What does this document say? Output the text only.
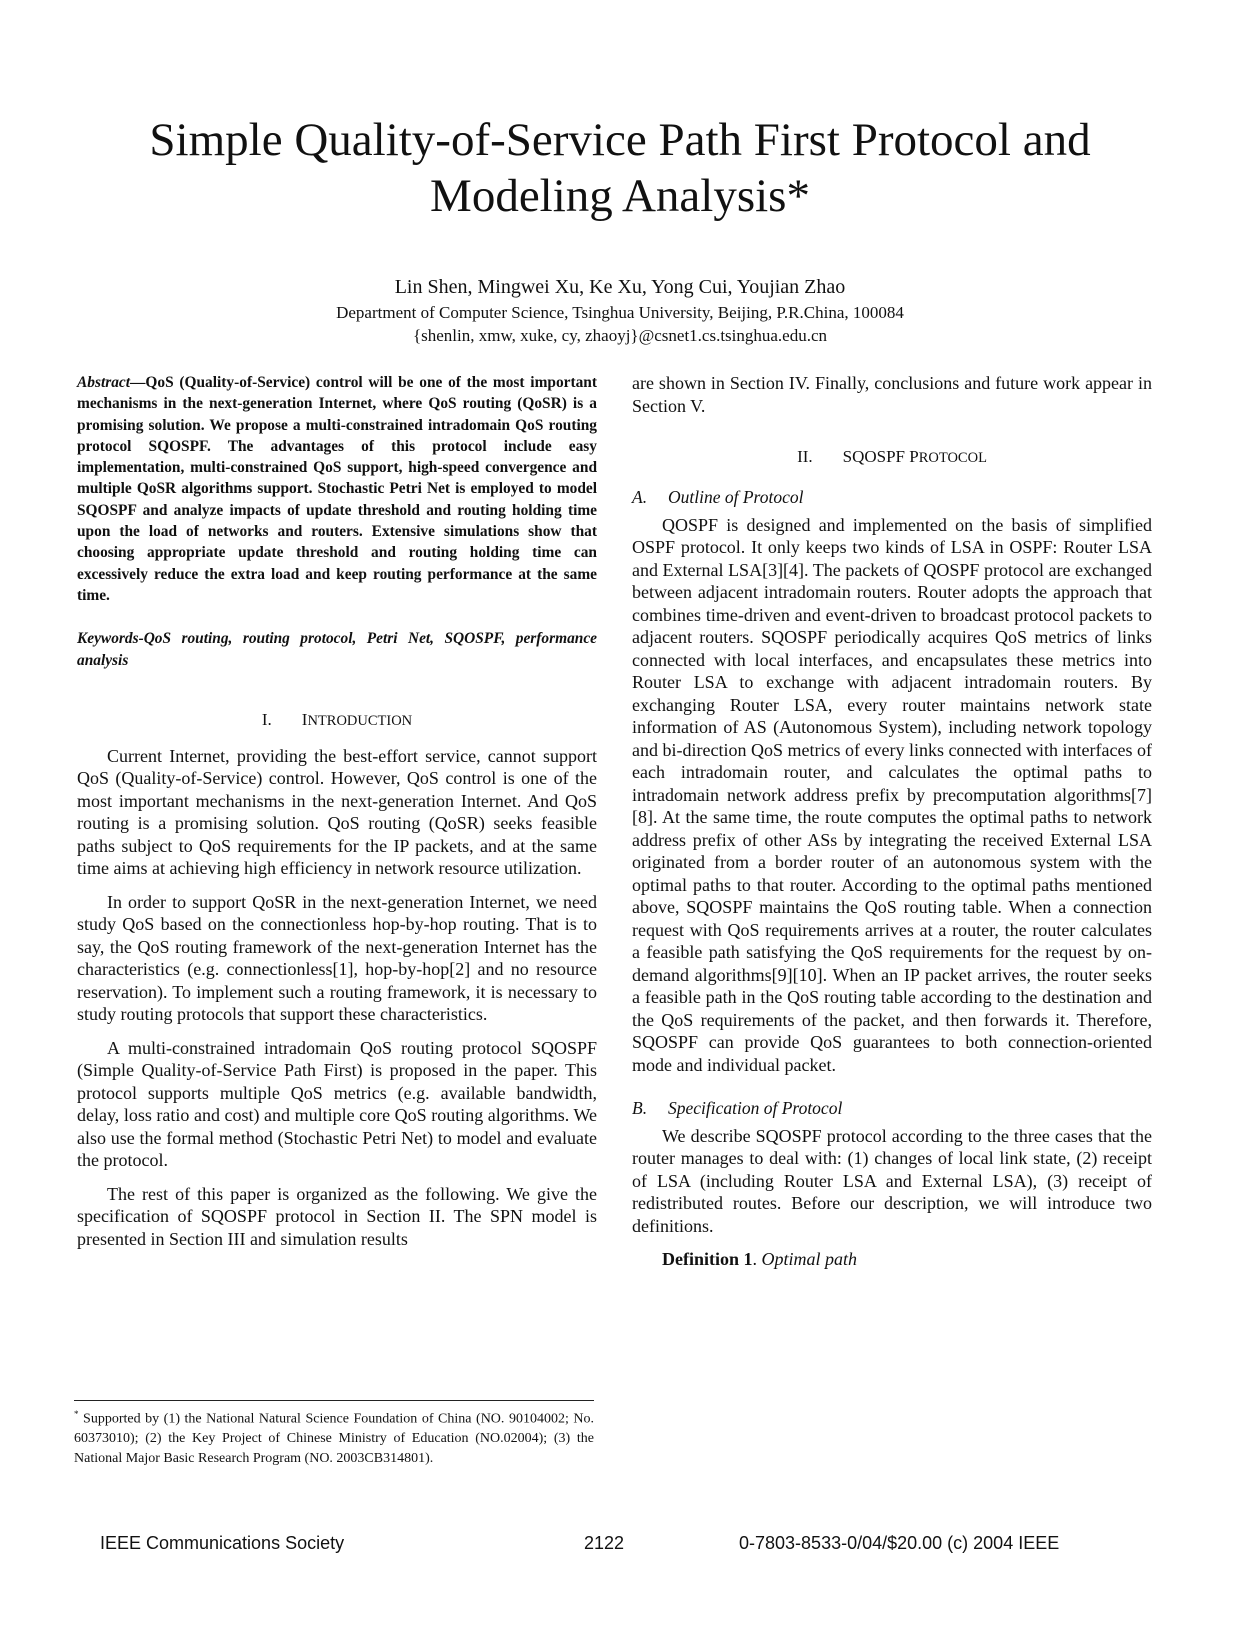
Simple Quality-of-Service Path First Protocol and Modeling Analysis*
Lin Shen, Mingwei Xu, Ke Xu, Yong Cui, Youjian Zhao
Department of Computer Science, Tsinghua University, Beijing, P.R.China, 100084
{shenlin, xmw, xuke, cy, zhaoyj}@csnet1.cs.tsinghua.edu.cn

Abstract—QoS (Quality-of-Service) control will be one of the most important mechanisms in the next-generation Internet, where QoS routing (QoSR) is a promising solution. We propose a multi-constrained intradomain QoS routing protocol SQOSPF. The advantages of this protocol include easy implementation, multi-constrained QoS support, high-speed convergence and multiple QoSR algorithms support. Stochastic Petri Net is employed to model SQOSPF and analyze impacts of update threshold and routing holding time upon the load of networks and routers. Extensive simulations show that choosing appropriate update threshold and routing holding time can excessively reduce the extra load and keep routing performance at the same time.

Keywords-QoS routing, routing protocol, Petri Net, SQOSPF, performance analysis

I. INTRODUCTION

Current Internet, providing the best-effort service, cannot support QoS (Quality-of-Service) control. However, QoS control is one of the most important mechanisms in the next-generation Internet. And QoS routing is a promising solution. QoS routing (QoSR) seeks feasible paths subject to QoS requirements for the IP packets, and at the same time aims at achieving high efficiency in network resource utilization.

In order to support QoSR in the next-generation Internet, we need study QoS based on the connectionless hop-by-hop routing. That is to say, the QoS routing framework of the next-generation Internet has the characteristics (e.g. connectionless[1], hop-by-hop[2] and no resource reservation). To implement such a routing framework, it is necessary to study routing protocols that support these characteristics.

A multi-constrained intradomain QoS routing protocol SQOSPF (Simple Quality-of-Service Path First) is proposed in the paper. This protocol supports multiple QoS metrics (e.g. available bandwidth, delay, loss ratio and cost) and multiple core QoS routing algorithms. We also use the formal method (Stochastic Petri Net) to model and evaluate the protocol.

The rest of this paper is organized as the following. We give the specification of SQOSPF protocol in Section II. The SPN model is presented in Section III and simulation results

are shown in Section IV. Finally, conclusions and future work appear in Section V.

II. SQOSPF PROTOCOL

A. Outline of Protocol

QOSPF is designed and implemented on the basis of simplified OSPF protocol. It only keeps two kinds of LSA in OSPF: Router LSA and External LSA[3][4]. The packets of QOSPF protocol are exchanged between adjacent intradomain routers. Router adopts the approach that combines time-driven and event-driven to broadcast protocol packets to adjacent routers. SQOSPF periodically acquires QoS metrics of links connected with local interfaces, and encapsulates these metrics into Router LSA to exchange with adjacent intradomain routers. By exchanging Router LSA, every router maintains network state information of AS (Autonomous System), including network topology and bi-direction QoS metrics of every links connected with interfaces of each intradomain router, and calculates the optimal paths to intradomain network address prefix by precomputation algorithms[7][8]. At the same time, the route computes the optimal paths to network address prefix of other ASs by integrating the received External LSA originated from a border router of an autonomous system with the optimal paths to that router. According to the optimal paths mentioned above, SQOSPF maintains the QoS routing table. When a connection request with QoS requirements arrives at a router, the router calculates a feasible path satisfying the QoS requirements for the request by on-demand algorithms[9][10]. When an IP packet arrives, the router seeks a feasible path in the QoS routing table according to the destination and the QoS requirements of the packet, and then forwards it. Therefore, SQOSPF can provide QoS guarantees to both connection-oriented mode and individual packet.

B. Specification of Protocol

We describe SQOSPF protocol according to the three cases that the router manages to deal with: (1) changes of local link state, (2) receipt of LSA (including Router LSA and External LSA), (3) receipt of redistributed routes. Before our description, we will introduce two definitions.

Definition 1. Optimal path

* Supported by (1) the National Natural Science Foundation of China (NO. 90104002; No. 60373010); (2) the Key Project of Chinese Ministry of Education (NO.02004); (3) the National Major Basic Research Program (NO. 2003CB314801).
IEEE Communications Society	2122	0-7803-8533-0/04/$20.00 (c) 2004 IEEE
